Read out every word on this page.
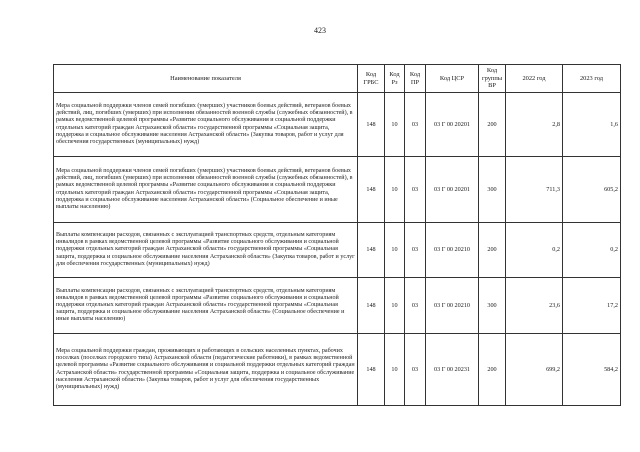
423
Наименование показателя	Код ГРБС	Код Рз	Код ПР	Код ЦСР	Код группы ВР	2022 год	2023 год
Мера социальной поддержки членов семей погибших (умерших) участников боевых действий, ветеранов боевых действий, лиц, погибших (умерших) при исполнении обязанностей военной службы (служебных обязанностей), в рамках ведомственной целевой программы «Развитие социального обслуживания и социальной поддержки отдельных категорий граждан Астраханской области» государственной программы «Социальная защита, поддержка и социальное обслуживание населения Астраханской области» (Закупка товаров, работ и услуг для обеспечения государственных (муниципальных) нужд)	148	10	03	03 Г 00 20201	200	2,8	1,6
Мера социальной поддержки членов семей погибших (умерших) участников боевых действий, ветеранов боевых действий, лиц, погибших (умерших) при исполнении обязанностей военной службы (служебных обязанностей), в рамках ведомственной целевой программы «Развитие социального обслуживания и социальной поддержки отдельных категорий граждан Астраханской области» государственной программы «Социальная защита, поддержка и социальное обслуживание населения Астраханской области» (Социальное обеспечение и иные выплаты населению)	148	10	03	03 Г 00 20201	300	711,3	605,2
Выплаты компенсации расходов, связанных с эксплуатацией транспортных средств, отдельным категориям инвалидов в рамках ведомственной целевой программы «Развитие социального обслуживания и социальной поддержки отдельных категорий граждан Астраханской области» государственной программы «Социальная защита, поддержка и социальное обслуживание населения Астраханской области» (Закупка товаров, работ и услуг для обеспечения государственных (муниципальных) нужд)	148	10	03	03 Г 00 20210	200	0,2	0,2
Выплаты компенсации расходов, связанных с эксплуатацией транспортных средств, отдельным категориям инвалидов в рамках ведомственной целевой программы «Развитие социального обслуживания и социальной поддержки отдельных категорий граждан Астраханской области» государственной программы «Социальная защита, поддержка и социальное обслуживание населения Астраханской области» (Социальное обеспечение и иные выплаты населению)	148	10	03	03 Г 00 20210	300	23,6	17,2
Мера социальной поддержки граждан, проживающих и работающих в сельских населенных пунктах, рабочих поселках (поселках городского типа) Астраханской области (педагогические работники), в рамках ведомственной целевой программы «Развитие социального обслуживания и социальной поддержки отдельных категорий граждан Астраханской области» государственной программы «Социальная защита, поддержка и социальное обслуживание населения Астраханской области» (Закупка товаров, работ и услуг для обеспечения государственных (муниципальных) нужд)	148	10	03	03 Г 00 20231	200	699,2	584,2
